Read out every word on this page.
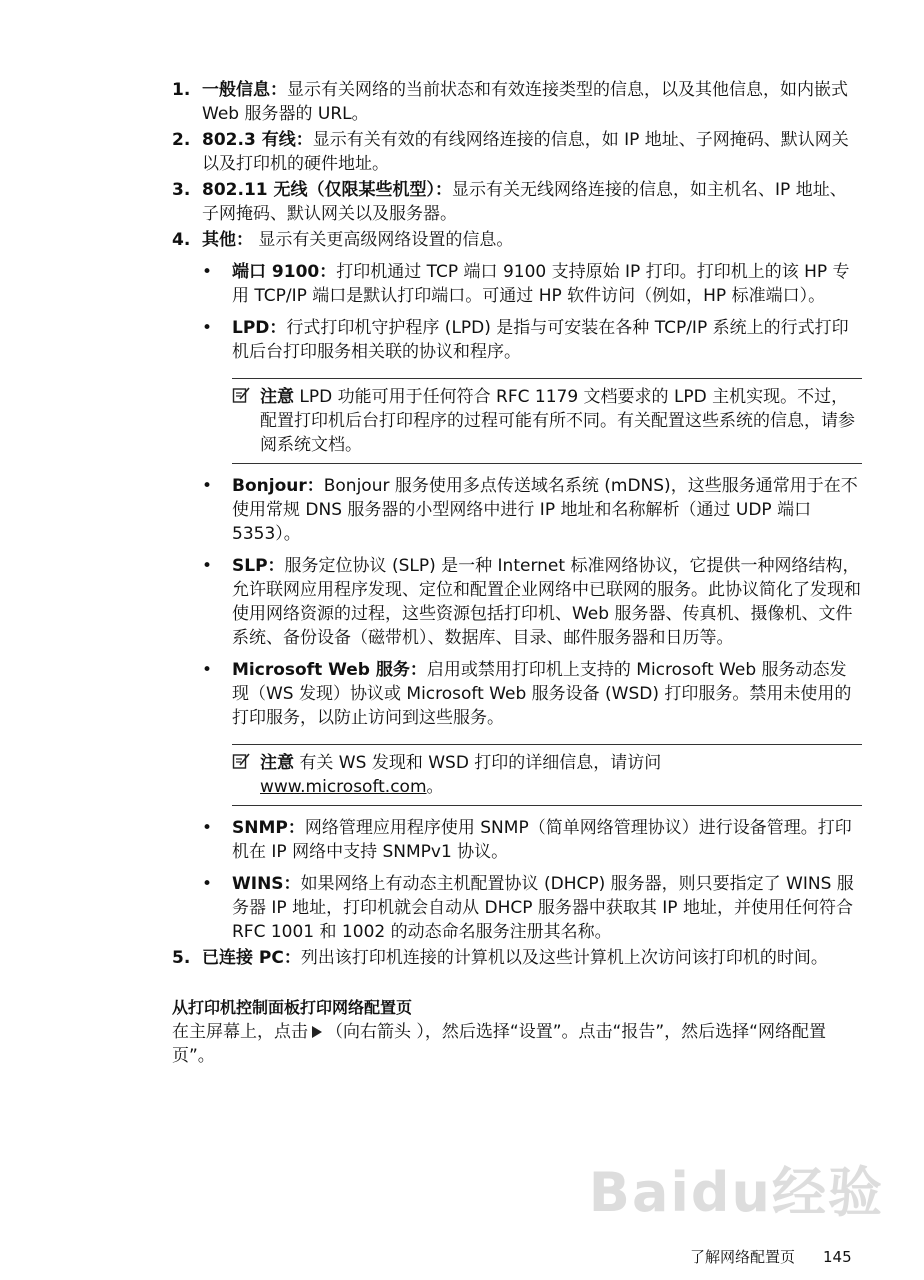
1. 一般信息：显示有关网络的当前状态和有效连接类型的信息，以及其他信息，如内嵌式 Web 服务器的 URL。
2. 802.3 有线：显示有关有效的有线网络连接的信息，如 IP 地址、子网掩码、默认网关以及打印机的硬件地址。
3. 802.11 无线（仅限某些机型）：显示有关无线网络连接的信息，如主机名、IP 地址、子网掩码、默认网关以及服务器。
4. 其他： 显示有关更高级网络设置的信息。
• 端口 9100：打印机通过 TCP 端口 9100 支持原始 IP 打印。打印机上的该 HP 专用 TCP/IP 端口是默认打印端口。可通过 HP 软件访问（例如，HP 标准端口）。
• LPD：行式打印机守护程序 (LPD) 是指与可安装在各种 TCP/IP 系统上的行式打印机后台打印服务相关联的协议和程序。
注意 LPD 功能可用于任何符合 RFC 1179 文档要求的 LPD 主机实现。不过，配置打印机后台打印程序的过程可能有所不同。有关配置这些系统的信息，请参阅系统文档。
• Bonjour：Bonjour 服务使用多点传送域名系统 (mDNS)，这些服务通常用于在不使用常规 DNS 服务器的小型网络中进行 IP 地址和名称解析（通过 UDP 端口 5353）。
• SLP：服务定位协议 (SLP) 是一种 Internet 标准网络协议，它提供一种网络结构，允许联网应用程序发现、定位和配置企业网络中已联网的服务。此协议简化了发现和使用网络资源的过程，这些资源包括打印机、Web 服务器、传真机、摄像机、文件系统、备份设备（磁带机）、数据库、目录、邮件服务器和日历等。
• Microsoft Web 服务：启用或禁用打印机上支持的 Microsoft Web 服务动态发现（WS 发现）协议或 Microsoft Web 服务设备 (WSD) 打印服务。禁用未使用的打印服务，以防止访问到这些服务。
注意 有关 WS 发现和 WSD 打印的详细信息，请访问
www.microsoft.com。
• SNMP：网络管理应用程序使用 SNMP（简单网络管理协议）进行设备管理。打印机在 IP 网络中支持 SNMPv1 协议。
• WINS：如果网络上有动态主机配置协议 (DHCP) 服务器，则只要指定了 WINS 服务器 IP 地址，打印机就会自动从 DHCP 服务器中获取其 IP 地址，并使用任何符合 RFC 1001 和 1002 的动态命名服务注册其名称。
5. 已连接 PC：列出该打印机连接的计算机以及这些计算机上次访问该打印机的时间。
从打印机控制面板打印网络配置页
在主屏幕上，点击 （向右箭头 ），然后选择“设置”。点击“报告”，然后选择“网络配置页”。
Baidu经验
了解网络配置页 145
